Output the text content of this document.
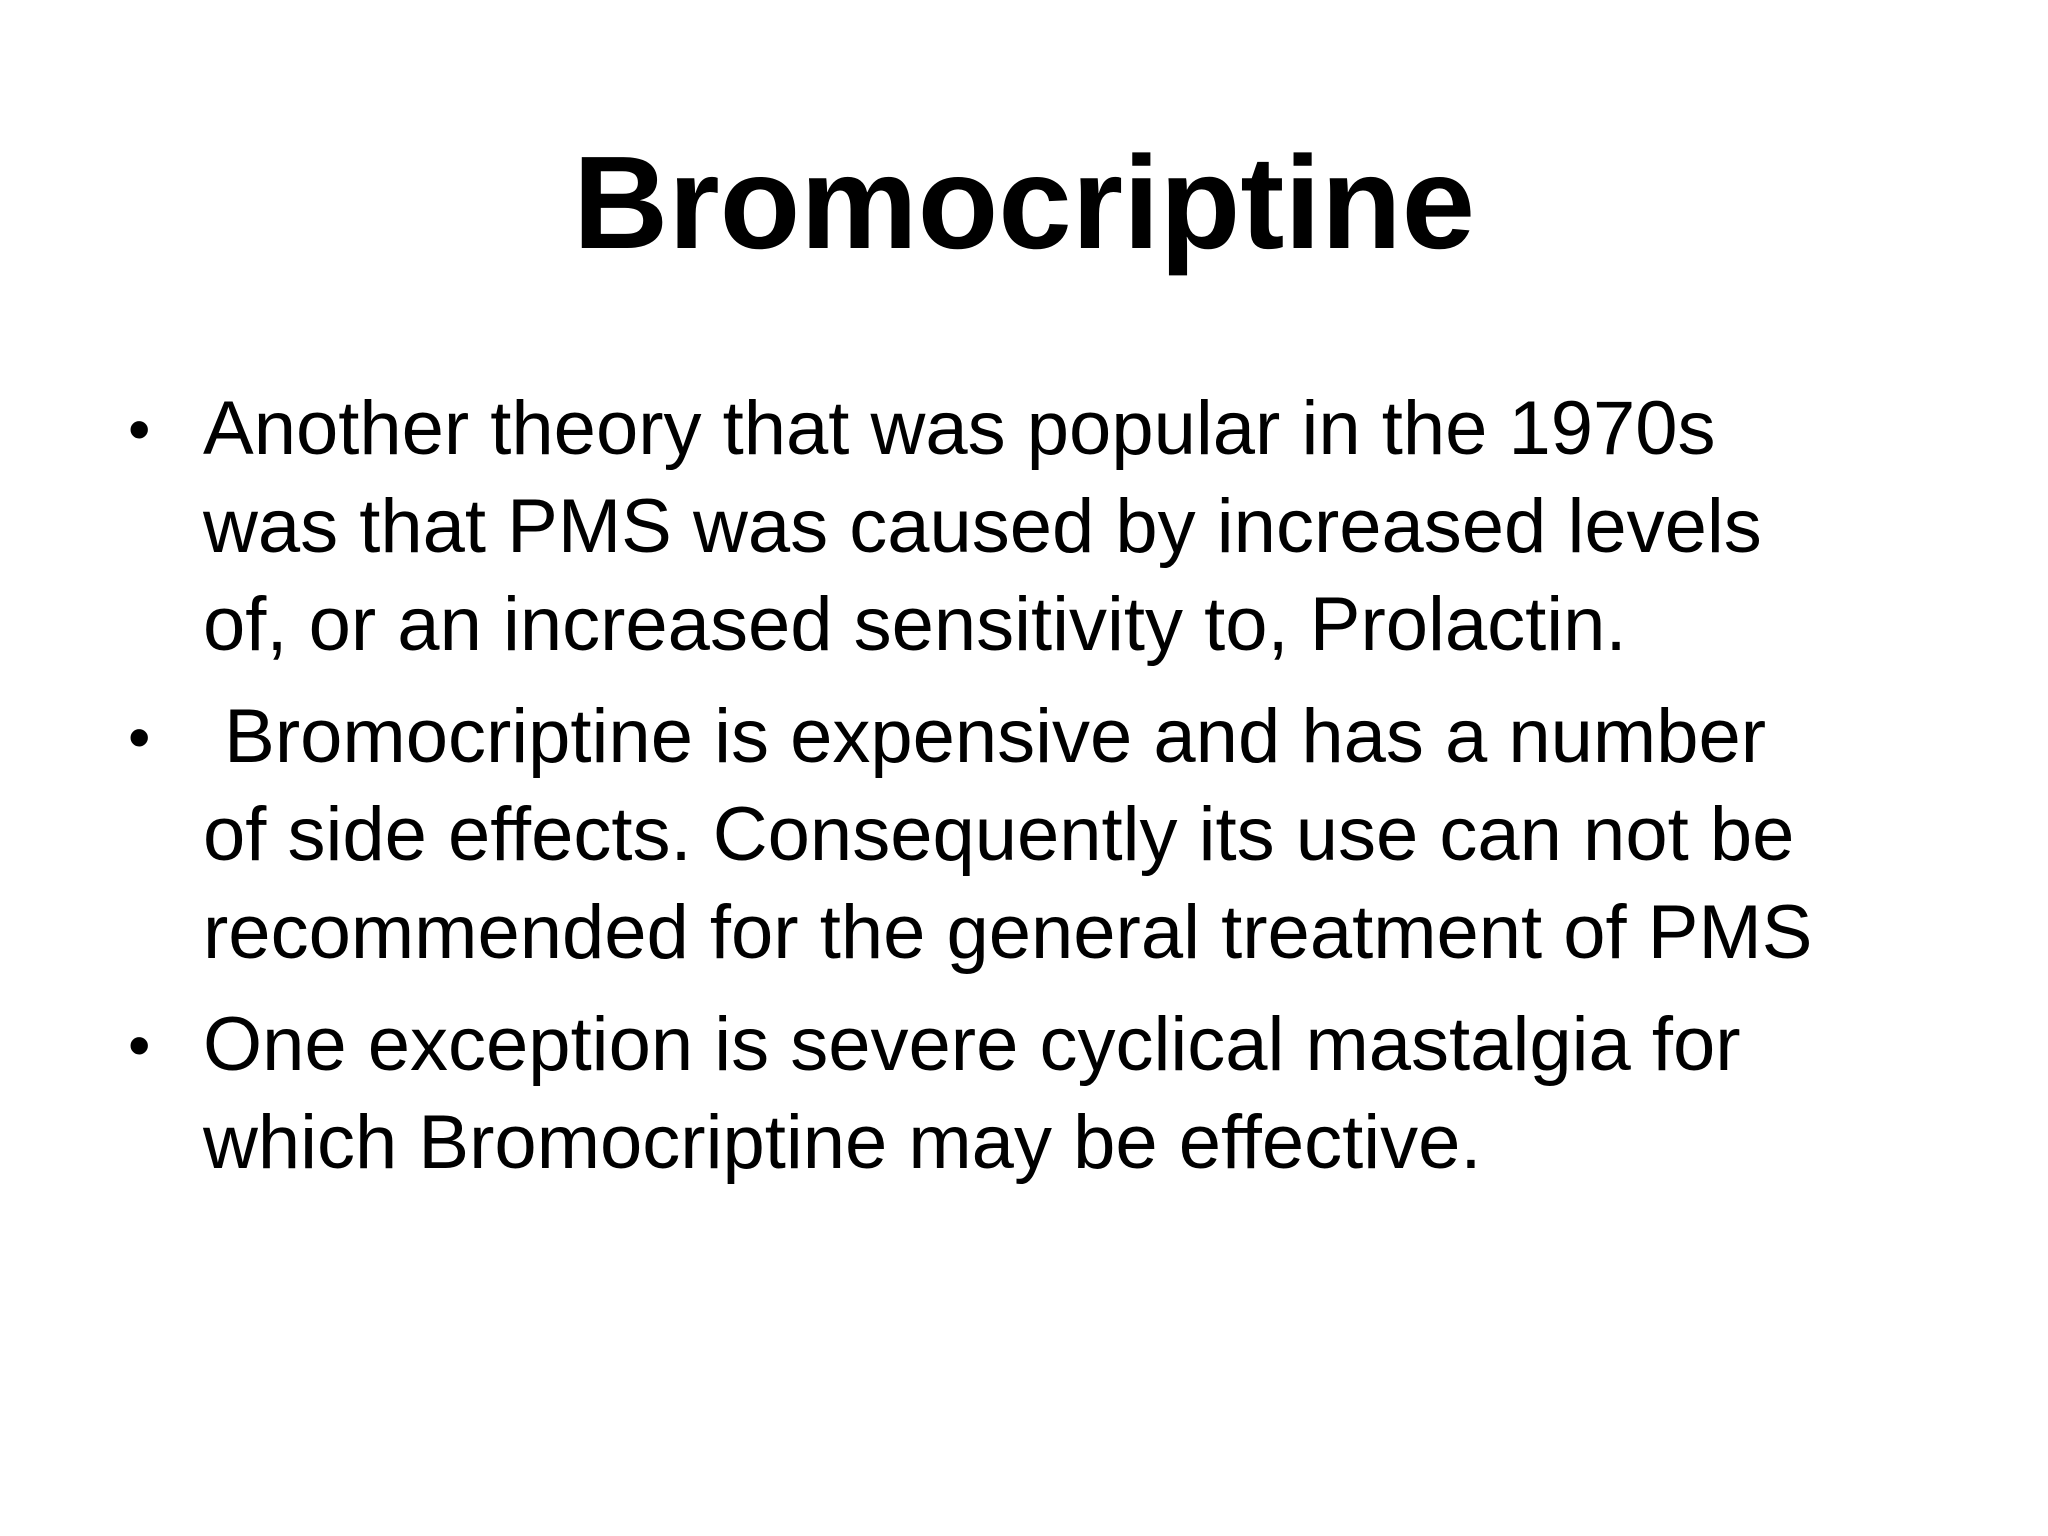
Bromocriptine
• Another theory that was popular in the 1970s
was that PMS was caused by increased levels
of, or an increased sensitivity to, Prolactin.
• Bromocriptine is expensive and has a number
of side effects. Consequently its use can not be
recommended for the general treatment of PMS
• One exception is severe cyclical mastalgia for
which Bromocriptine may be effective.
